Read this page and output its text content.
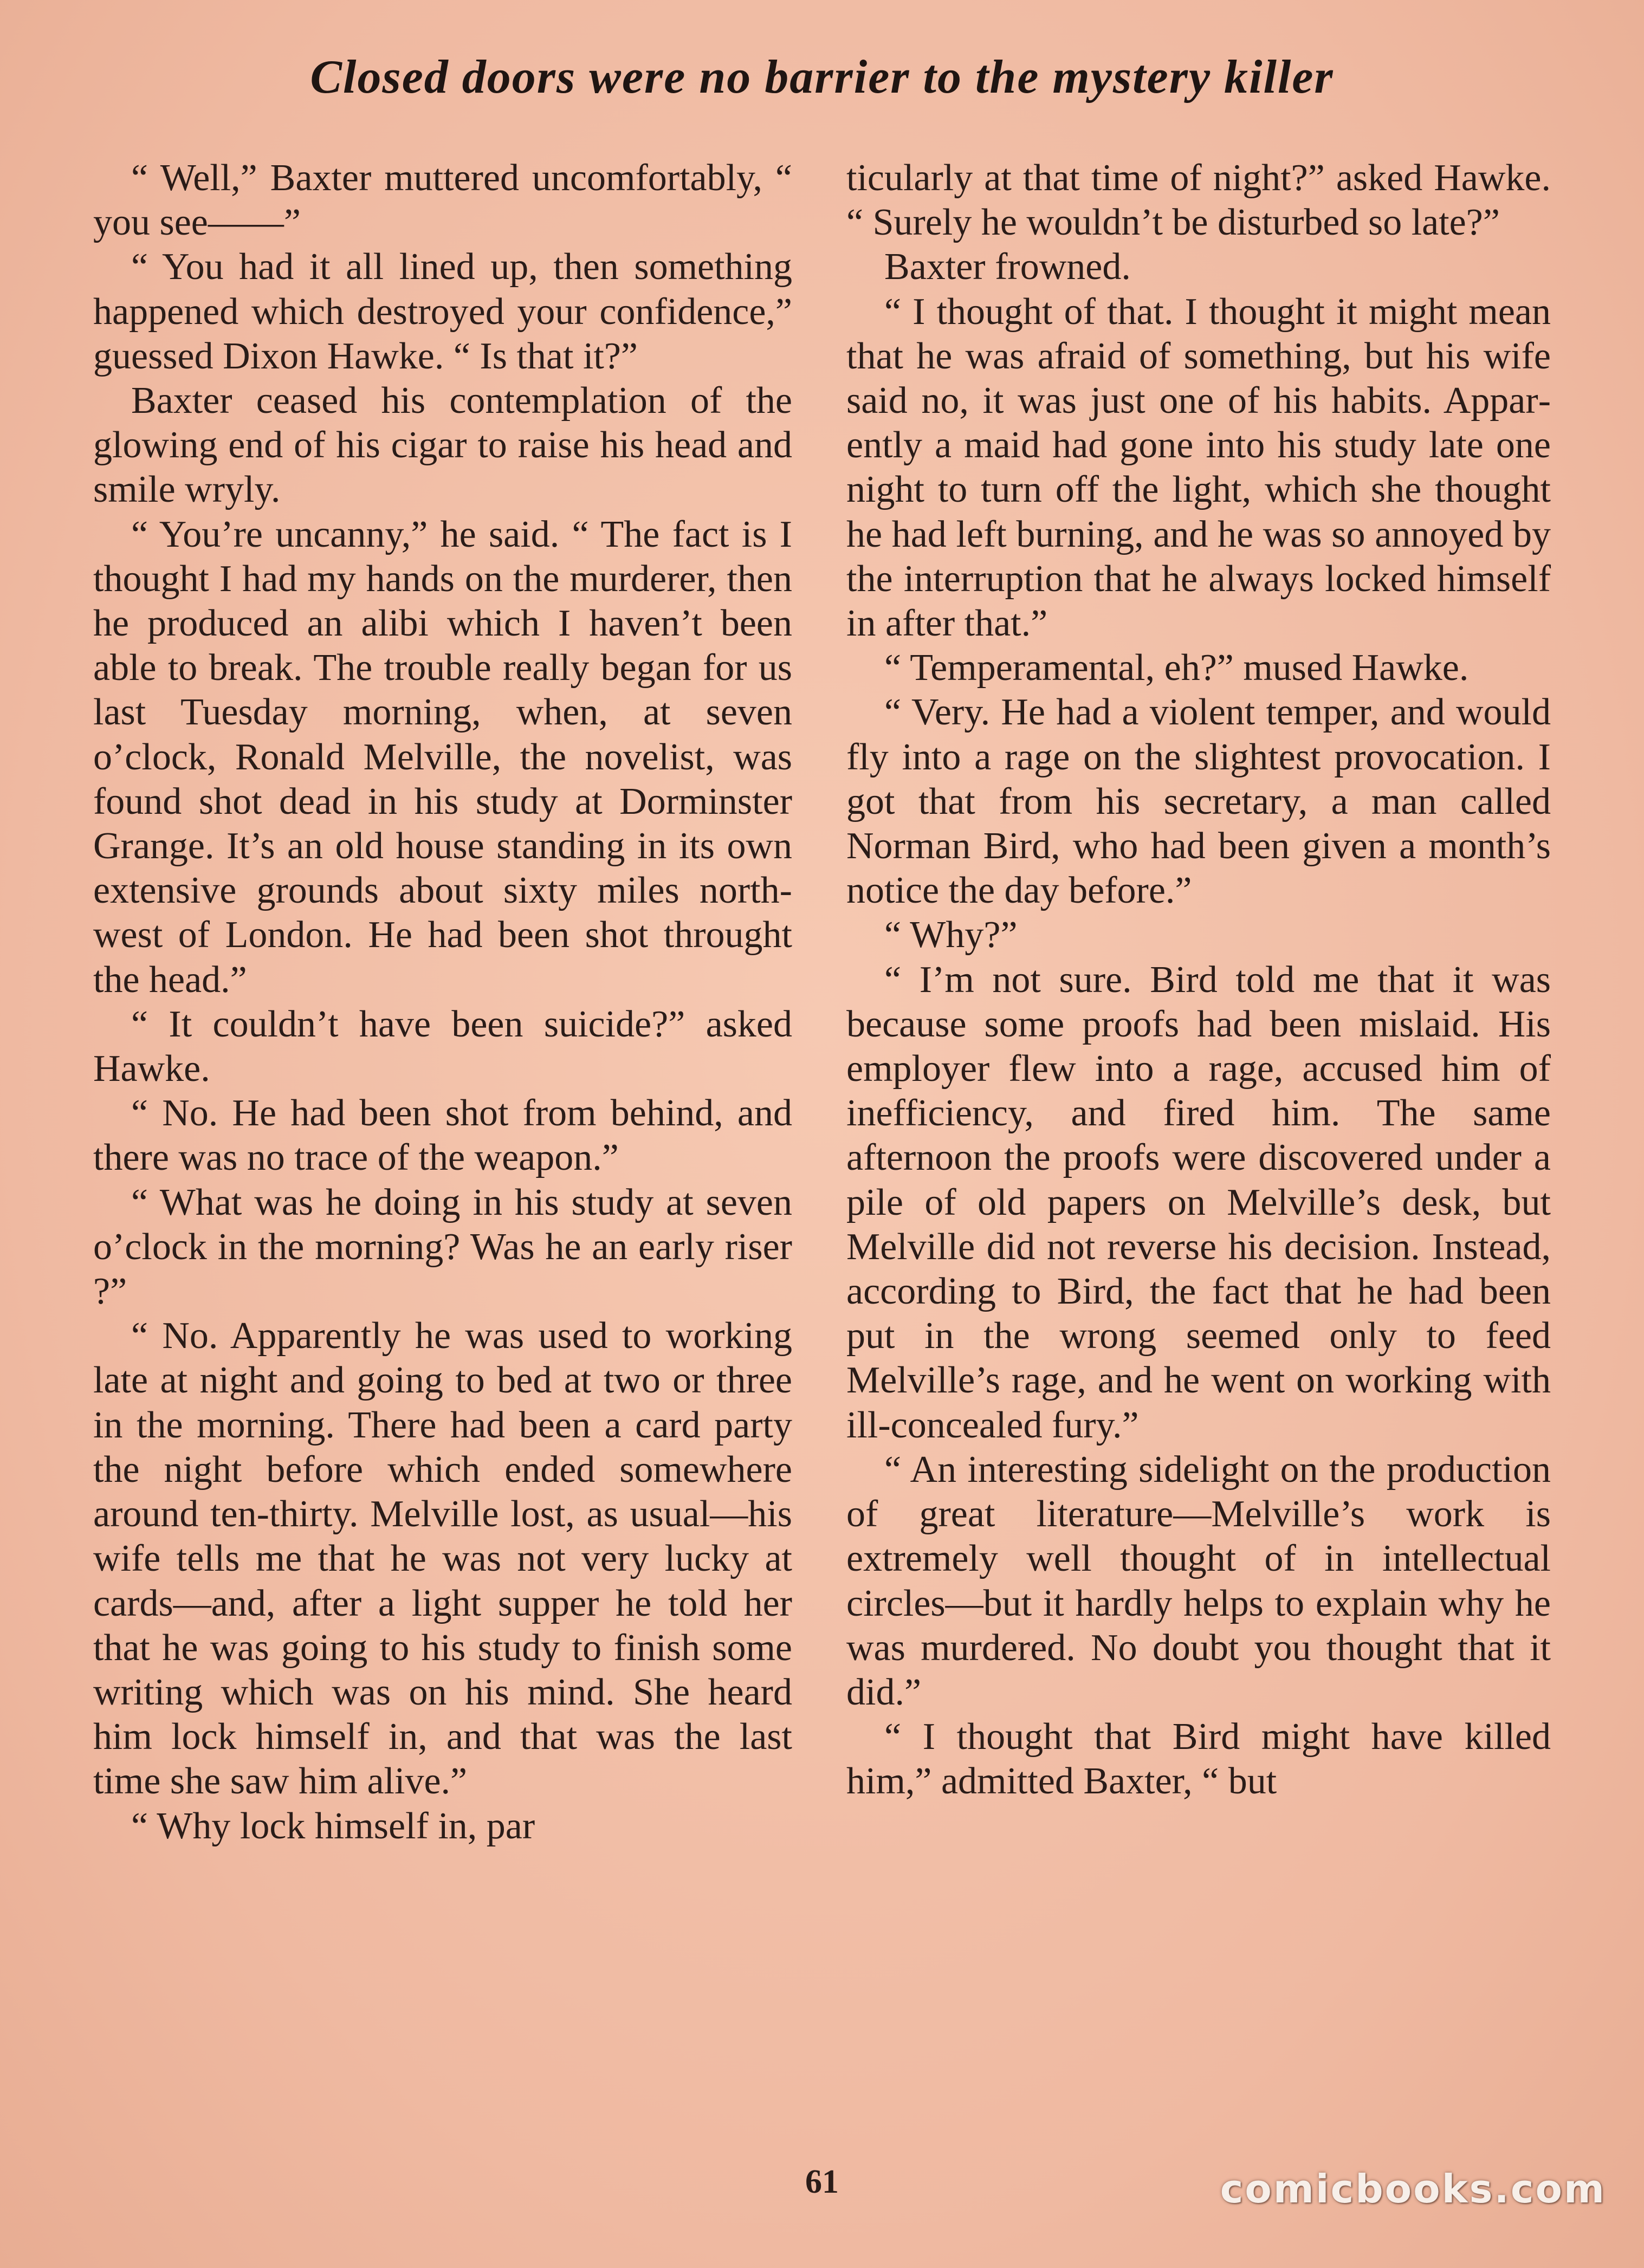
Closed doors were no barrier to the mystery killer

“ Well,” Baxter muttered uncomfortably, “ you see——”

“ You had it all lined up, then something happened which destroyed your confidence,” guessed Dixon Hawke. “ Is that it?”

Baxter ceased his contemplation of the glowing end of his cigar to raise his head and smile wryly.

“ You’re uncanny,” he said. “ The fact is I thought I had my hands on the murderer, then he produced an alibi which I haven’t been able to break. The trouble really began for us last Tuesday morning, when, at seven o’clock, Ronald Melville, the novelist, was found shot dead in his study at Dorminster Grange. It’s an old house standing in its own extensive grounds about sixty miles north-west of London. He had been shot throught the head.”

“ It couldn’t have been suicide?” asked Hawke.

“ No. He had been shot from behind, and there was no trace of the weapon.”

“ What was he doing in his study at seven o’clock in the morning? Was he an early riser ?”

“ No. Apparently he was used to working late at night and going to bed at two or three in the morning. There had been a card party the night before which ended somewhere around ten-thirty. Melville lost, as usual—his wife tells me that he was not very lucky at cards—and, after a light supper he told her that he was going to his study to finish some writing which was on his mind. She heard him lock himself in, and that was the last time she saw him alive.”

“ Why lock himself in, par

ticularly at that time of night?” asked Hawke. “ Surely he wouldn’t be disturbed so late?”

Baxter frowned.

“ I thought of that. I thought it might mean that he was afraid of something, but his wife said no, it was just one of his habits. Apparently a maid had gone into his study late one night to turn off the light, which she thought he had left burning, and he was so annoyed by the interruption that he always locked himself in after that.”

“ Temperamental, eh?” mused Hawke.

“ Very. He had a violent temper, and would fly into a rage on the slightest provocation. I got that from his secretary, a man called Norman Bird, who had been given a month’s notice the day before.”

“ Why?”

“ I’m not sure. Bird told me that it was because some proofs had been mislaid. His employer flew into a rage, accused him of inefficiency, and fired him. The same afternoon the proofs were discovered under a pile of old papers on Melville’s desk, but Melville did not reverse his decision. Instead, according to Bird, the fact that he had been put in the wrong seemed only to feed Melville’s rage, and he went on working with ill-concealed fury.”

“ An interesting sidelight on the production of great literature—Melville’s work is extremely well thought of in intellectual circles—but it hardly helps to explain why he was murdered. No doubt you thought that it did.”

“ I thought that Bird might have killed him,” admitted Baxter, “ but

61	comicbooks.com
